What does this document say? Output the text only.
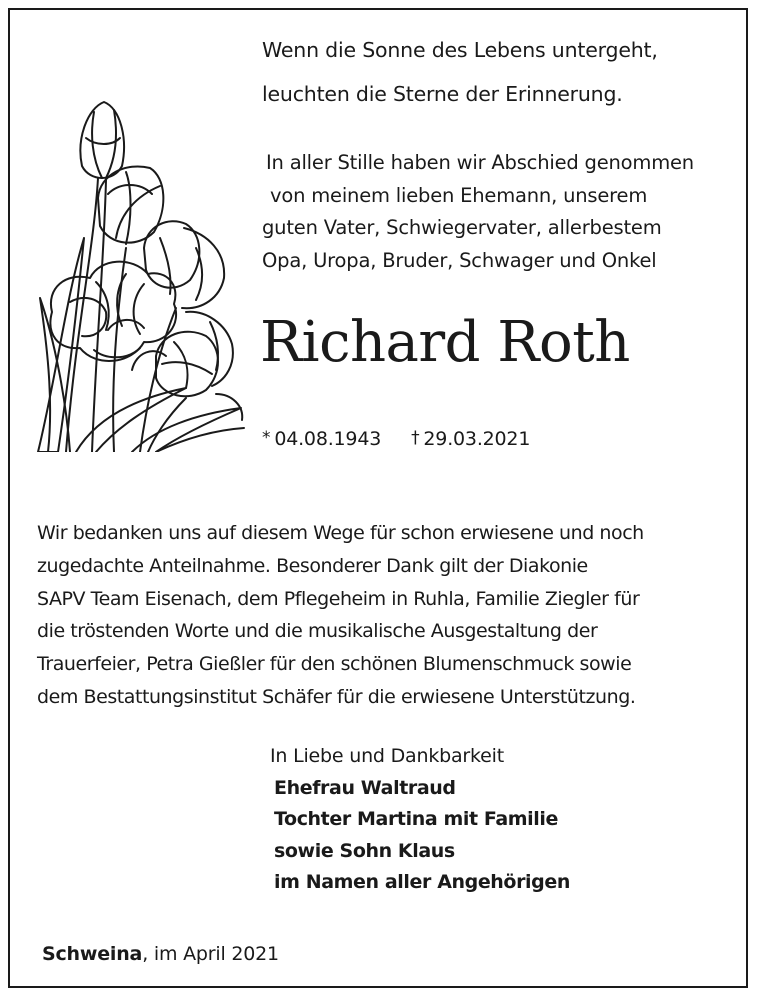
Wenn die Sonne des Lebens untergeht,
leuchten die Sterne der Erinnerung.
In aller Stille haben wir Abschied genommen
von meinem lieben Ehemann, unserem
guten Vater, Schwiegervater, allerbestem
Opa, Uropa, Bruder, Schwager und Onkel
Richard Roth
* 04.08.1943 † 29.03.2021
Wir bedanken uns auf diesem Wege für schon erwiesene und noch
zugedachte Anteilnahme. Besonderer Dank gilt der Diakonie
SAPV Team Eisenach, dem Pflegeheim in Ruhla, Familie Ziegler für
die tröstenden Worte und die musikalische Ausgestaltung der
Trauerfeier, Petra Gießler für den schönen Blumenschmuck sowie
dem Bestattungsinstitut Schäfer für die erwiesene Unterstützung.
In Liebe und Dankbarkeit
Ehefrau Waltraud
Tochter Martina mit Familie
sowie Sohn Klaus
im Namen aller Angehörigen
Schweina, im April 2021
